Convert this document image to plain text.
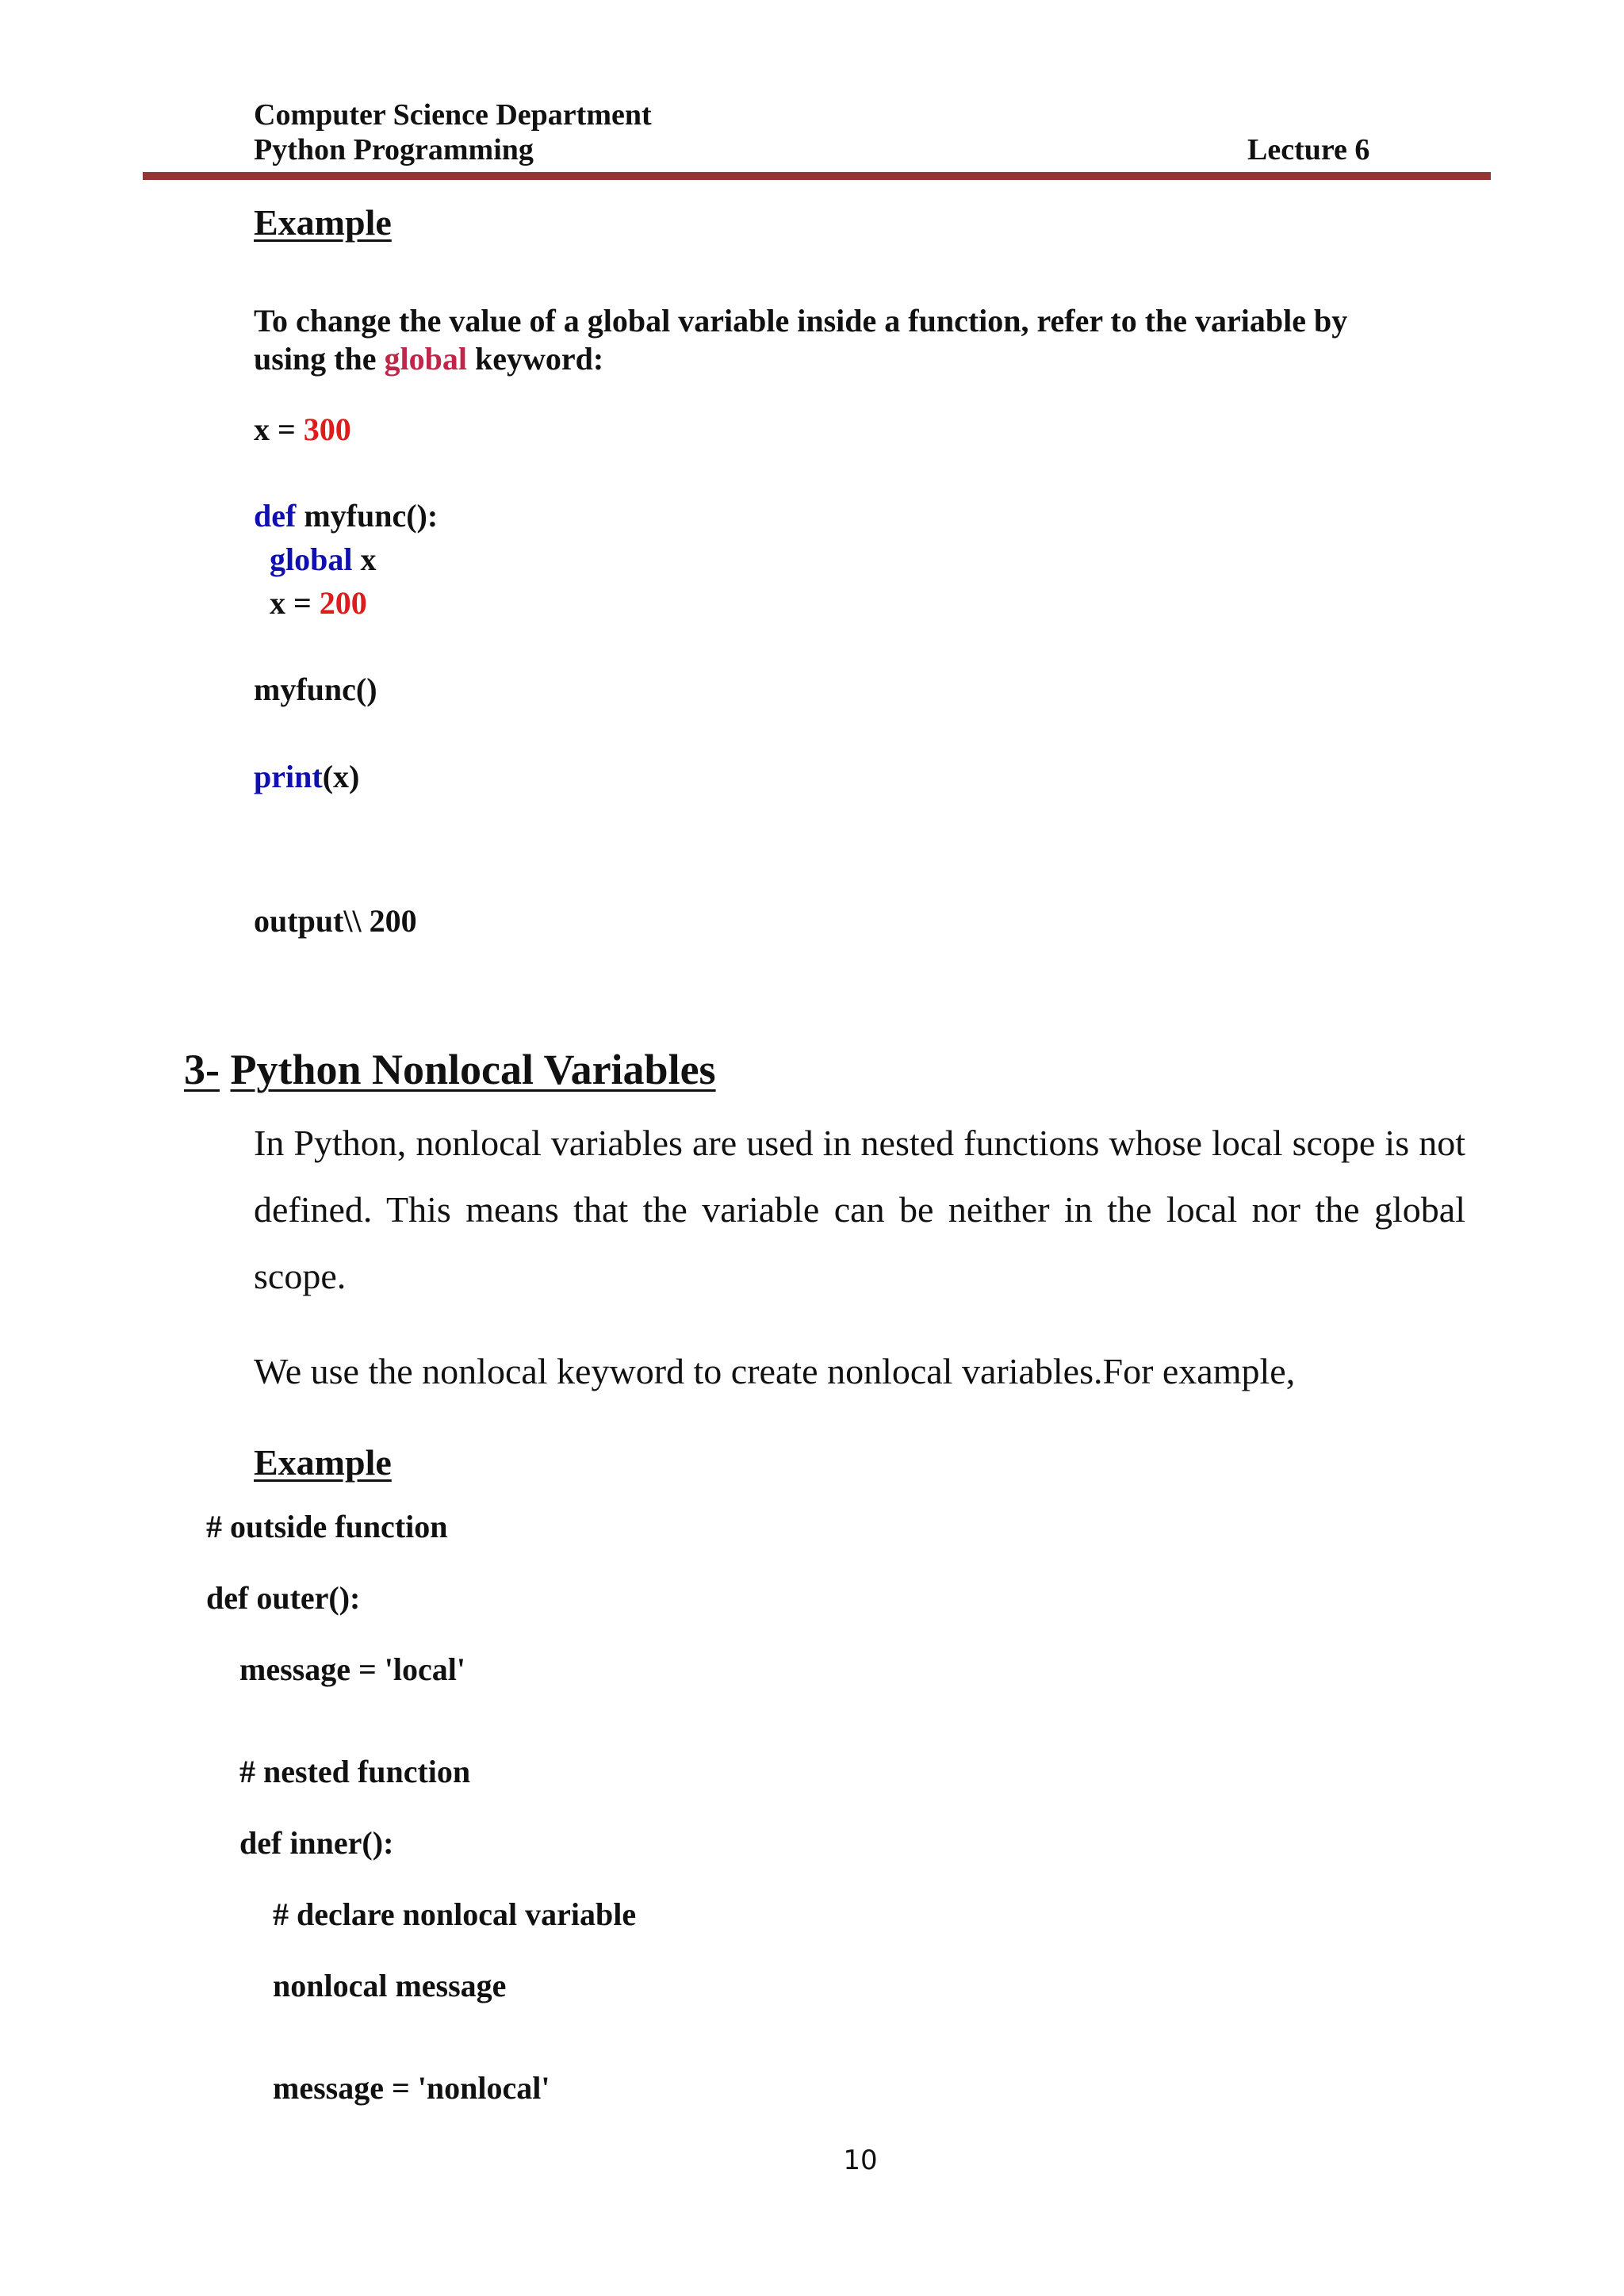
Computer Science Department
Python Programming	Lecture 6
Example
To change the value of a global variable inside a function, refer to the variable by
using the global keyword:
x = 300
def myfunc():
global x
x = 200
myfunc()
print(x)
output\\ 200
3- Python Nonlocal Variables
In Python, nonlocal variables are used in nested functions whose local scope is not defined. This means that the variable can be neither in the local nor the global scope.
We use the nonlocal keyword to create nonlocal variables.For example,
Example
# outside function
def outer():
message = 'local'
# nested function
def inner():
# declare nonlocal variable
nonlocal message
message = 'nonlocal'
10
